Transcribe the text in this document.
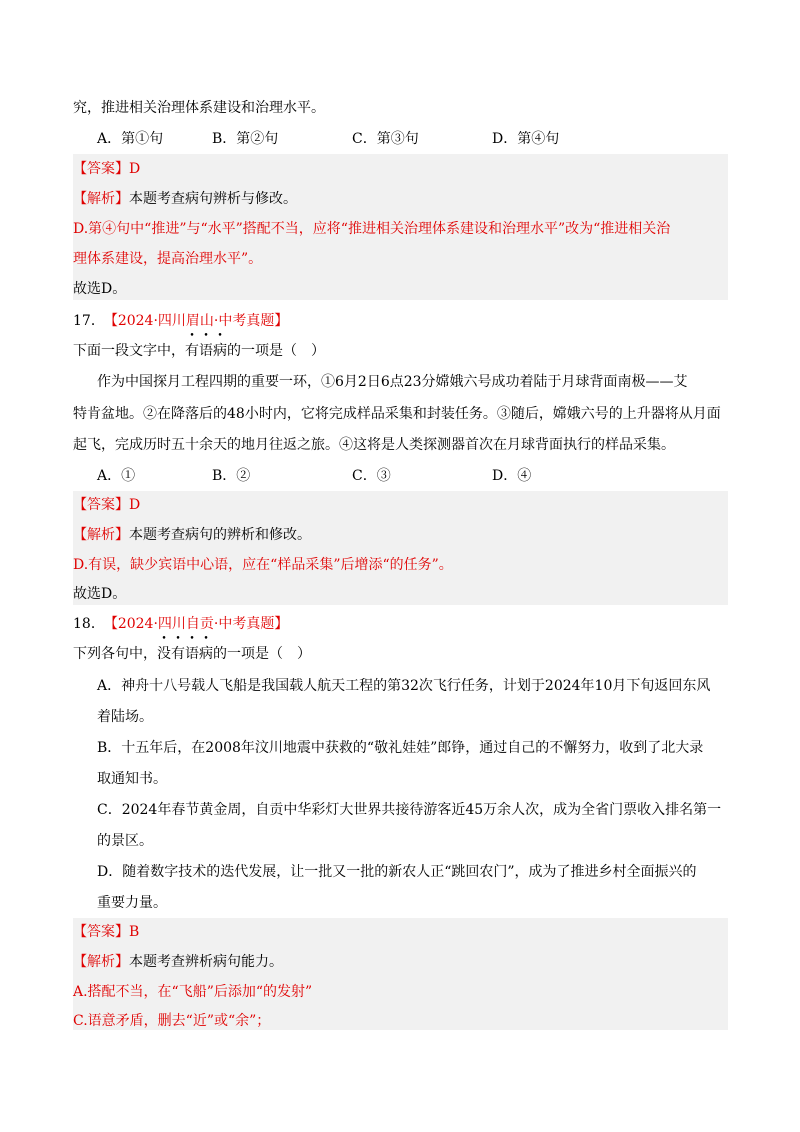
究，推进相关治理体系建设和治理水平。
A．第①句	B．第②句	C．第③句	D．第④句
【答案】D
【解析】本题考查病句辨析与修改。
D.第④句中“推进”与“水平”搭配不当，应将“推进相关治理体系建设和治理水平”改为“推进相关治
理体系建设，提高治理水平”。
故选D。
17． 【2024·四川眉山·中考真题】
下面一段文字中，有语病的一项是（　）
作为中国探月工程四期的重要一环，①6月2日6点23分嫦娥六号成功着陆于月球背面南极——艾
特肯盆地。②在降落后的48小时内，它将完成样品采集和封装任务。③随后，嫦娥六号的上升器将从月面
起飞，完成历时五十余天的地月往返之旅。④这将是人类探测器首次在月球背面执行的样品采集。
A．①	B．②	C．③	D．④
【答案】D
【解析】本题考查病句的辨析和修改。
D.有误，缺少宾语中心语，应在“样品采集”后增添“的任务”。
故选D。
18． 【2024·四川自贡·中考真题】
下列各句中，没有语病的一项是（　）
A．神舟十八号载人飞船是我国载人航天工程的第32次飞行任务，计划于2024年10月下旬返回东风
着陆场。
B．十五年后，在2008年汶川地震中获救的“敬礼娃娃”郎铮，通过自己的不懈努力，收到了北大录
取通知书。
C．2024年春节黄金周，自贡中华彩灯大世界共接待游客近45万余人次，成为全省门票收入排名第一
的景区。
D．随着数字技术的迭代发展，让一批又一批的新农人正“跳回农门”，成为了推进乡村全面振兴的
重要力量。
【答案】B
【解析】本题考查辨析病句能力。
A.搭配不当，在“飞船”后添加“的发射”
C.语意矛盾，删去“近”或“余”；
